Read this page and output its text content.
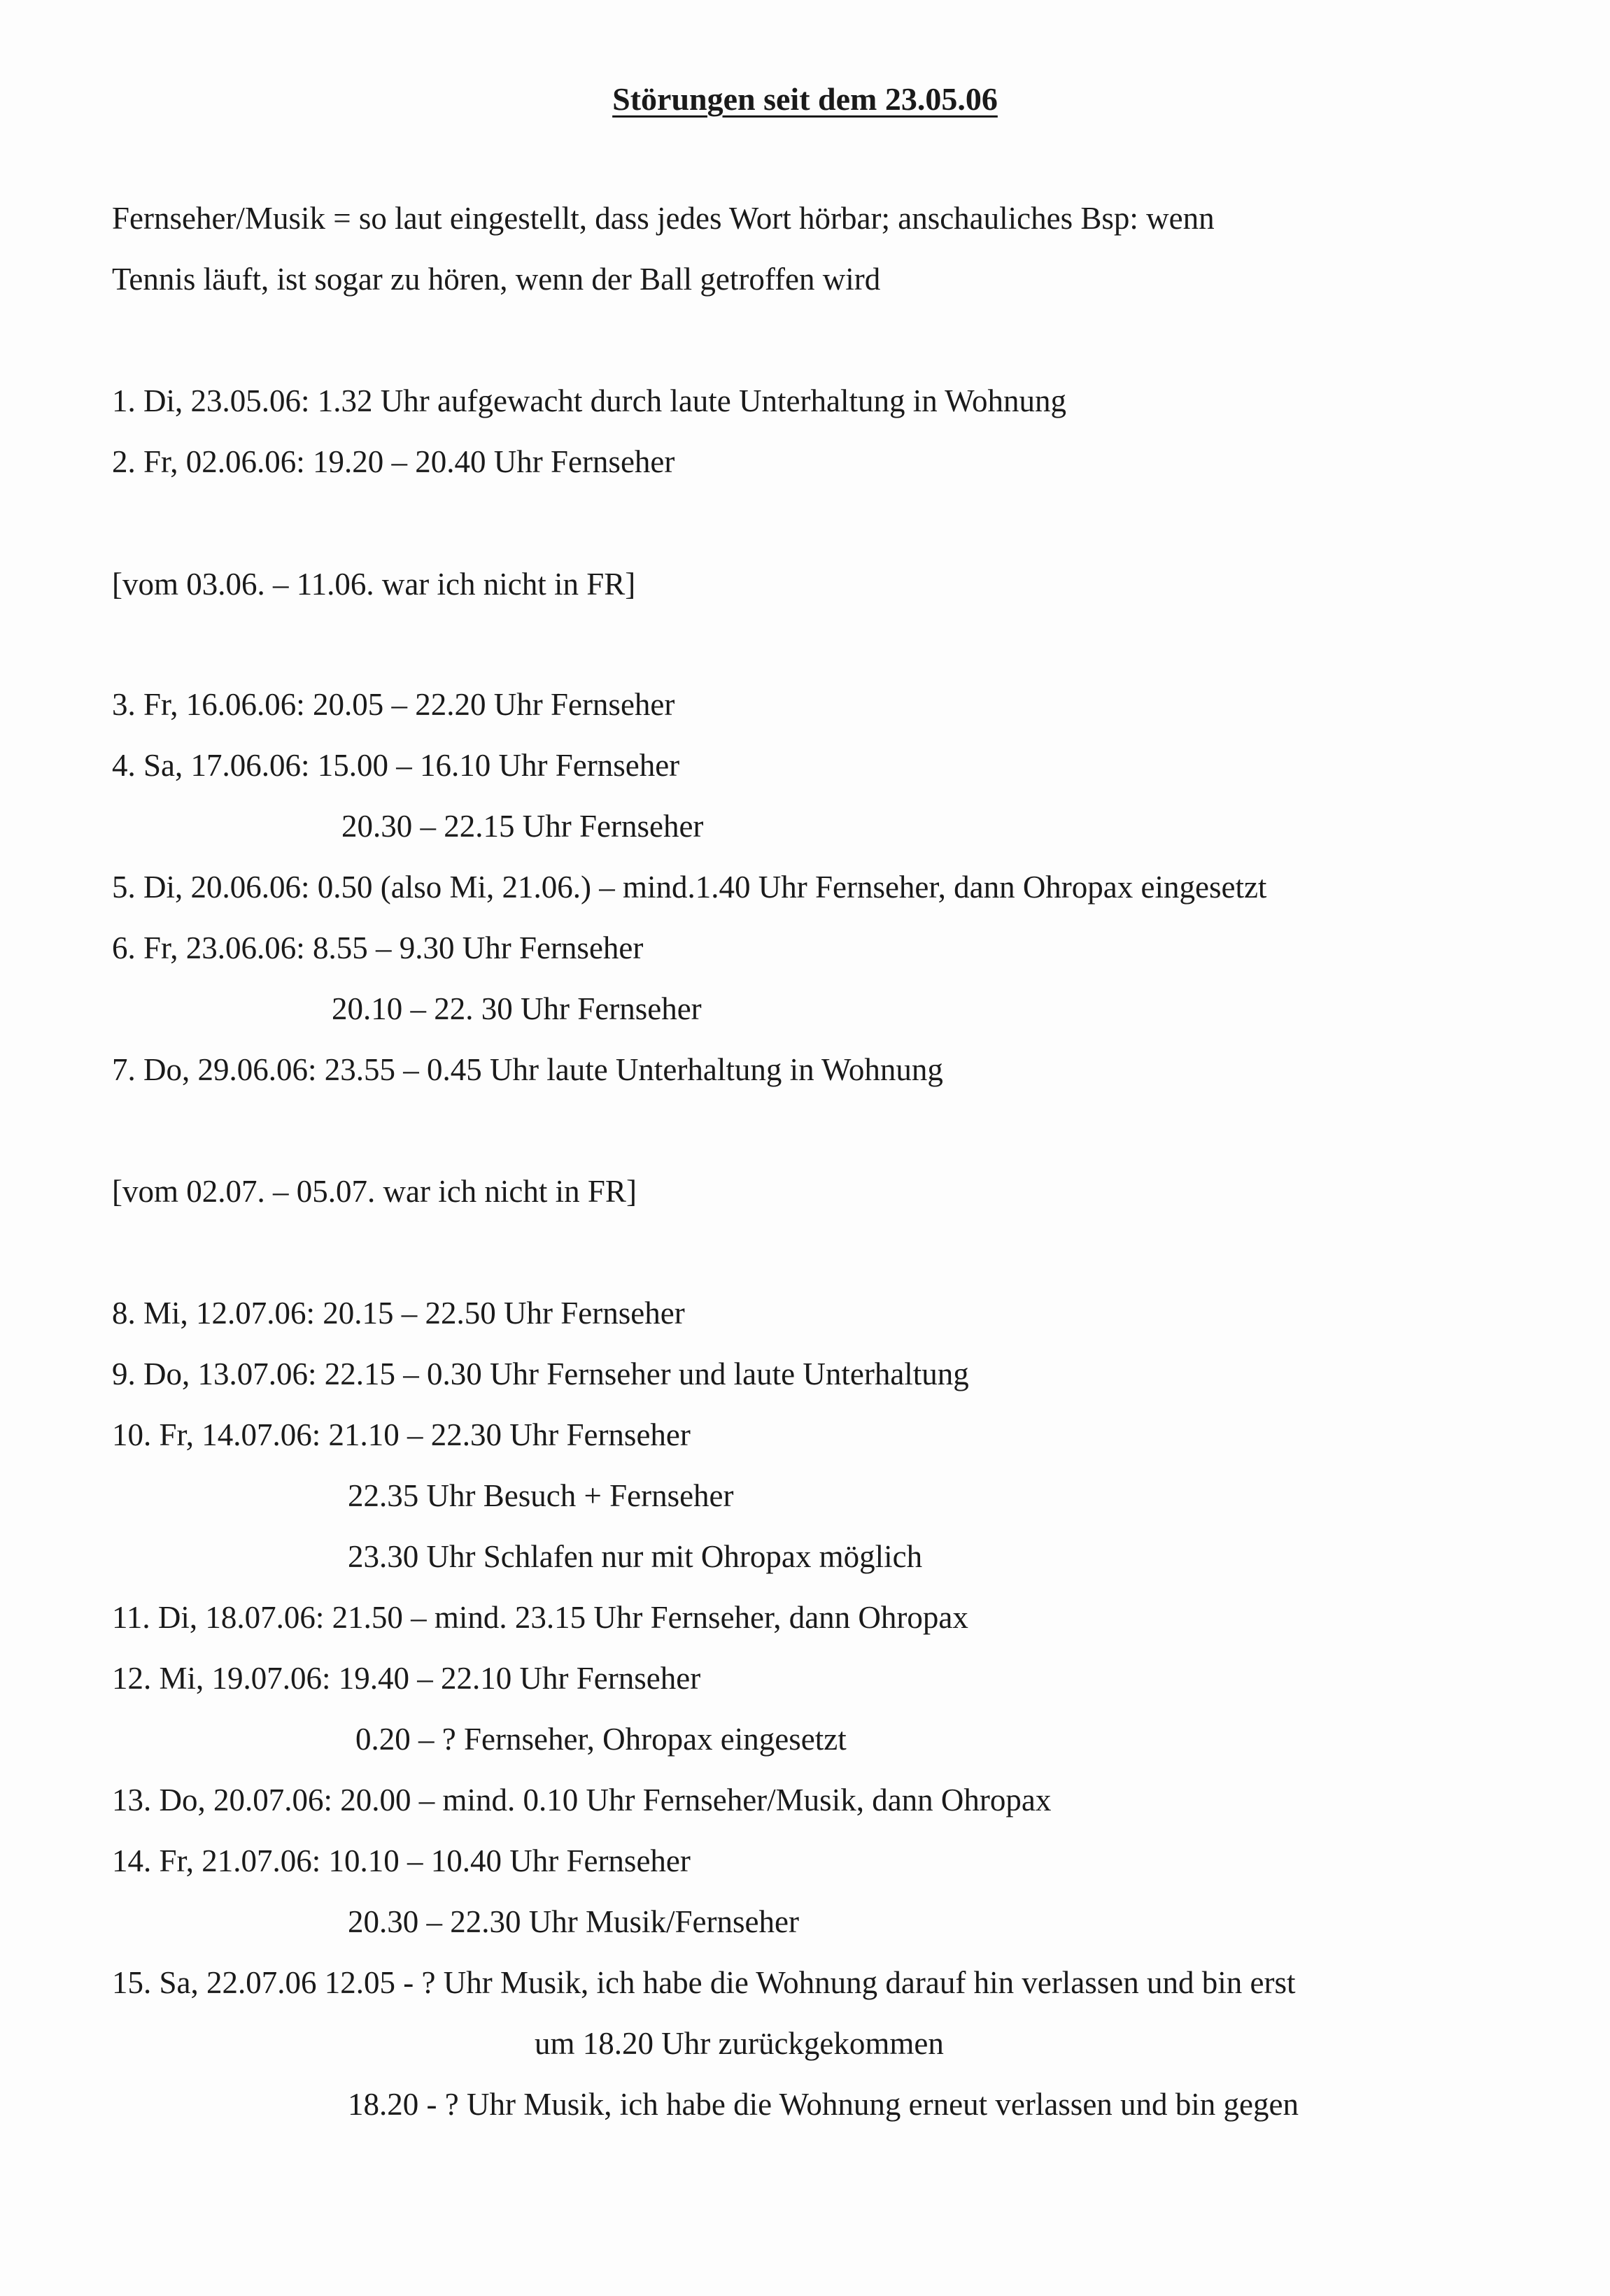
Störungen seit dem 23.05.06
Fernseher/Musik = so laut eingestellt, dass jedes Wort hörbar; anschauliches Bsp: wenn
Tennis läuft, ist sogar zu hören, wenn der Ball getroffen wird
1. Di, 23.05.06: 1.32 Uhr aufgewacht durch laute Unterhaltung in Wohnung
2. Fr, 02.06.06: 19.20 – 20.40 Uhr Fernseher
[vom 03.06. – 11.06. war ich nicht in FR]
3. Fr, 16.06.06: 20.05 – 22.20 Uhr Fernseher
4. Sa, 17.06.06: 15.00 – 16.10 Uhr Fernseher
20.30 – 22.15 Uhr Fernseher
5. Di, 20.06.06: 0.50 (also Mi, 21.06.) – mind.1.40 Uhr Fernseher, dann Ohropax eingesetzt
6. Fr, 23.06.06: 8.55 – 9.30 Uhr Fernseher
20.10 – 22. 30 Uhr Fernseher
7. Do, 29.06.06: 23.55 – 0.45 Uhr laute Unterhaltung in Wohnung
[vom 02.07. – 05.07. war ich nicht in FR]
8. Mi, 12.07.06: 20.15 – 22.50 Uhr Fernseher
9. Do, 13.07.06: 22.15 – 0.30 Uhr Fernseher und laute Unterhaltung
10. Fr, 14.07.06: 21.10 – 22.30 Uhr Fernseher
22.35 Uhr Besuch + Fernseher
23.30 Uhr Schlafen nur mit Ohropax möglich
11. Di, 18.07.06: 21.50 – mind. 23.15 Uhr Fernseher, dann Ohropax
12. Mi, 19.07.06: 19.40 – 22.10 Uhr Fernseher
0.20 – ? Fernseher, Ohropax eingesetzt
13. Do, 20.07.06: 20.00 – mind. 0.10 Uhr Fernseher/Musik, dann Ohropax
14. Fr, 21.07.06: 10.10 – 10.40 Uhr Fernseher
20.30 – 22.30 Uhr Musik/Fernseher
15. Sa, 22.07.06 12.05 - ? Uhr Musik, ich habe die Wohnung darauf hin verlassen und bin erst
um 18.20 Uhr zurückgekommen
18.20 - ? Uhr Musik, ich habe die Wohnung erneut verlassen und bin gegen
